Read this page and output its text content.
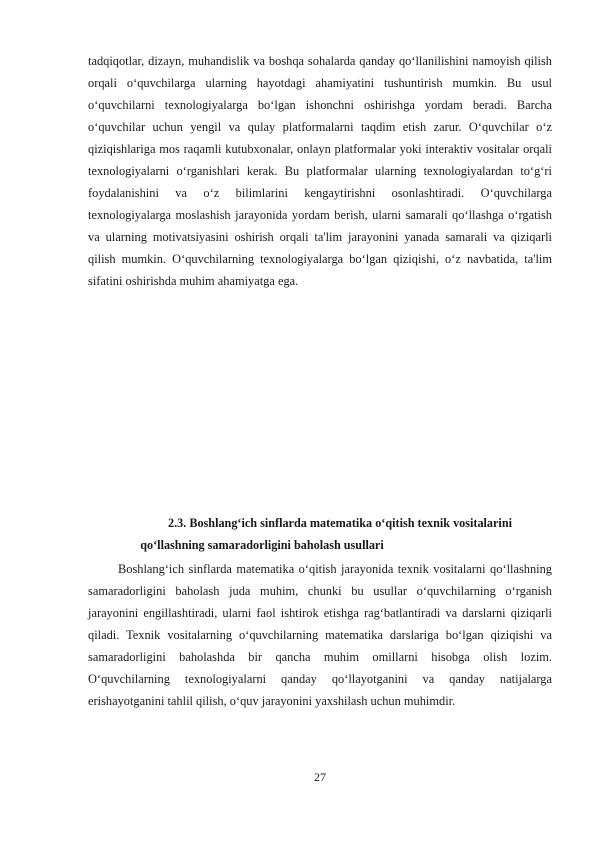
tadqiqotlar, dizayn, muhandislik va boshqa sohalarda qanday qo‘llanilishini namoyish qilish orqali o‘quvchilarga ularning hayotdagi ahamiyatini tushuntirish mumkin. Bu usul o‘quvchilarni texnologiyalarga bo‘lgan ishonchni oshirishga yordam beradi. Barcha o‘quvchilar uchun yengil va qulay platformalarni taqdim etish zarur. O‘quvchilar o‘z qiziqishlariga mos raqamli kutubxonalar, onlayn platformalar yoki interaktiv vositalar orqali texnologiyalarni o‘rganishlari kerak. Bu platformalar ularning texnologiyalardan to‘g‘ri foydalanishini va o‘z bilimlarini kengaytirishni osonlashtiradi. O‘quvchilarga texnologiyalarga moslashish jarayonida yordam berish, ularni samarali qo‘llashga o‘rgatish va ularning motivatsiyasini oshirish orqali ta'lim jarayonini yanada samarali va qiziqarli qilish mumkin. O‘quvchilarning texnologiyalarga bo‘lgan qiziqishi, o‘z navbatida, ta'lim sifatini oshirishda muhim ahamiyatga ega.

2.3. Boshlang‘ich sinflarda matematika o‘qitish texnik vositalarini
qo‘llashning samaradorligini baholash usullari

Boshlang‘ich sinflarda matematika o‘qitish jarayonida texnik vositalarni qo‘llashning samaradorligini baholash juda muhim, chunki bu usullar o‘quvchilarning o‘rganish jarayonini engillashtiradi, ularni faol ishtirok etishga rag‘batlantiradi va darslarni qiziqarli qiladi. Texnik vositalarning o‘quvchilarning matematika darslariga bo‘lgan qiziqishi va samaradorligini baholashda bir qancha muhim omillarni hisobga olish lozim. O‘quvchilarning texnologiyalarni qanday qo‘llayotganini va qanday natijalarga erishayotganini tahlil qilish, o‘quv jarayonini yaxshilash uchun muhimdir.

27
